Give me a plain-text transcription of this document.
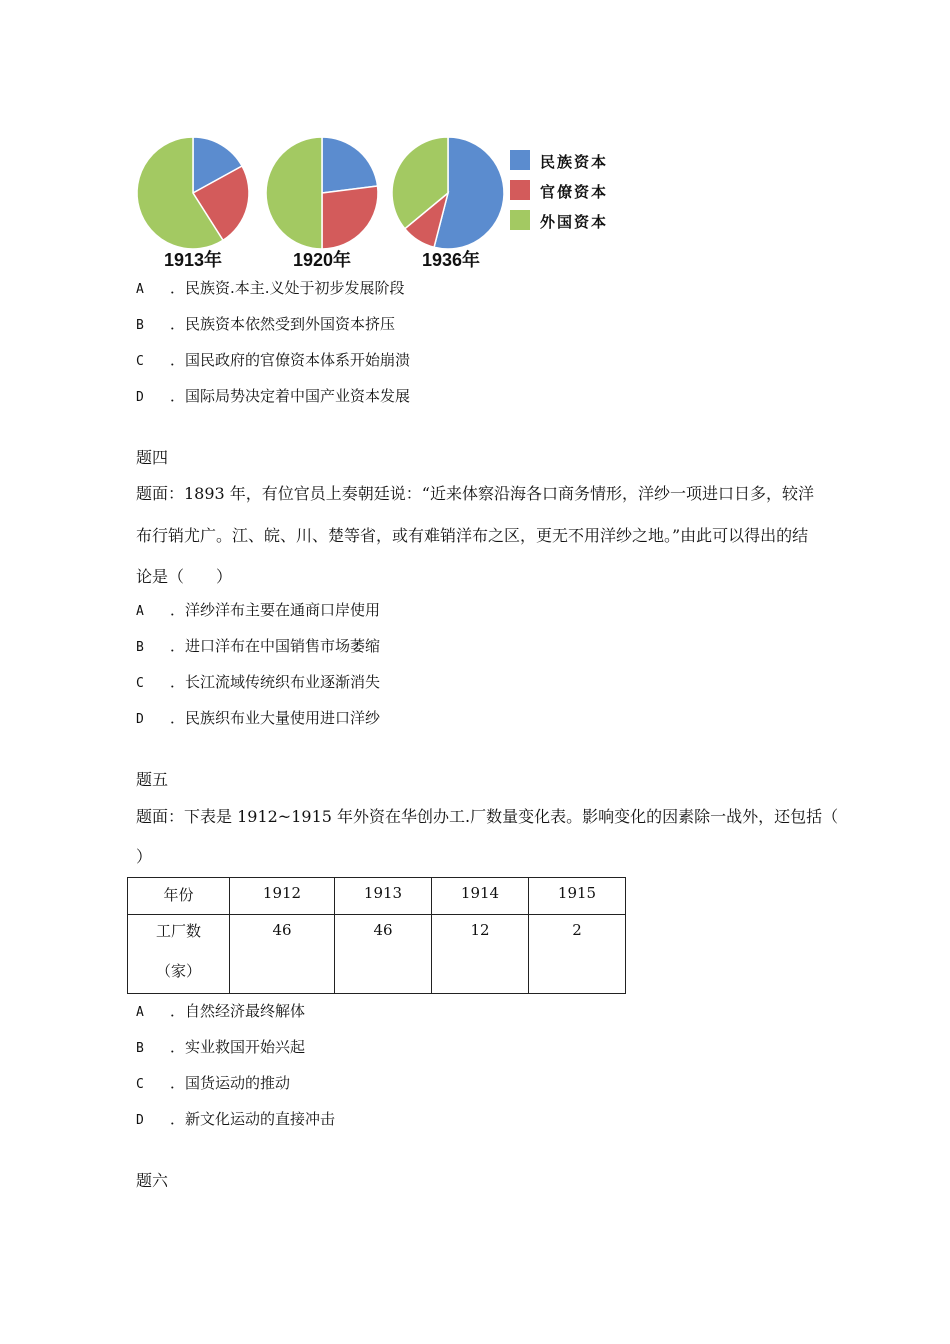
1913年	1920年	1936年
民族资本
官僚资本
外国资本
A ．民族资.本主.义处于初步发展阶段
B ．民族资本依然受到外国资本挤压
C ．国民政府的官僚资本体系开始崩溃
D ．国际局势决定着中国产业资本发展
题四
题面：1893 年，有位官员上奏朝廷说：“近来体察沿海各口商务情形，洋纱一项进口日多，较洋
布行销尤广。江、皖、川、楚等省，或有难销洋布之区，更无不用洋纱之地。”由此可以得出的结
论是（　　）
A ．洋纱洋布主要在通商口岸使用
B ．进口洋布在中国销售市场萎缩
C ．长江流域传统织布业逐渐消失
D ．民族织布业大量使用进口洋纱
题五
题面：下表是 1912~1915 年外资在华创办工.厂数量变化表。影响变化的因素除一战外，还包括（
）
年份	1912	1913	1914	1915

工厂数
（家）	46	46	12	2
A ．自然经济最终解体
B ．实业救国开始兴起
C ．国货运动的推动
D ．新文化运动的直接冲击
题六
